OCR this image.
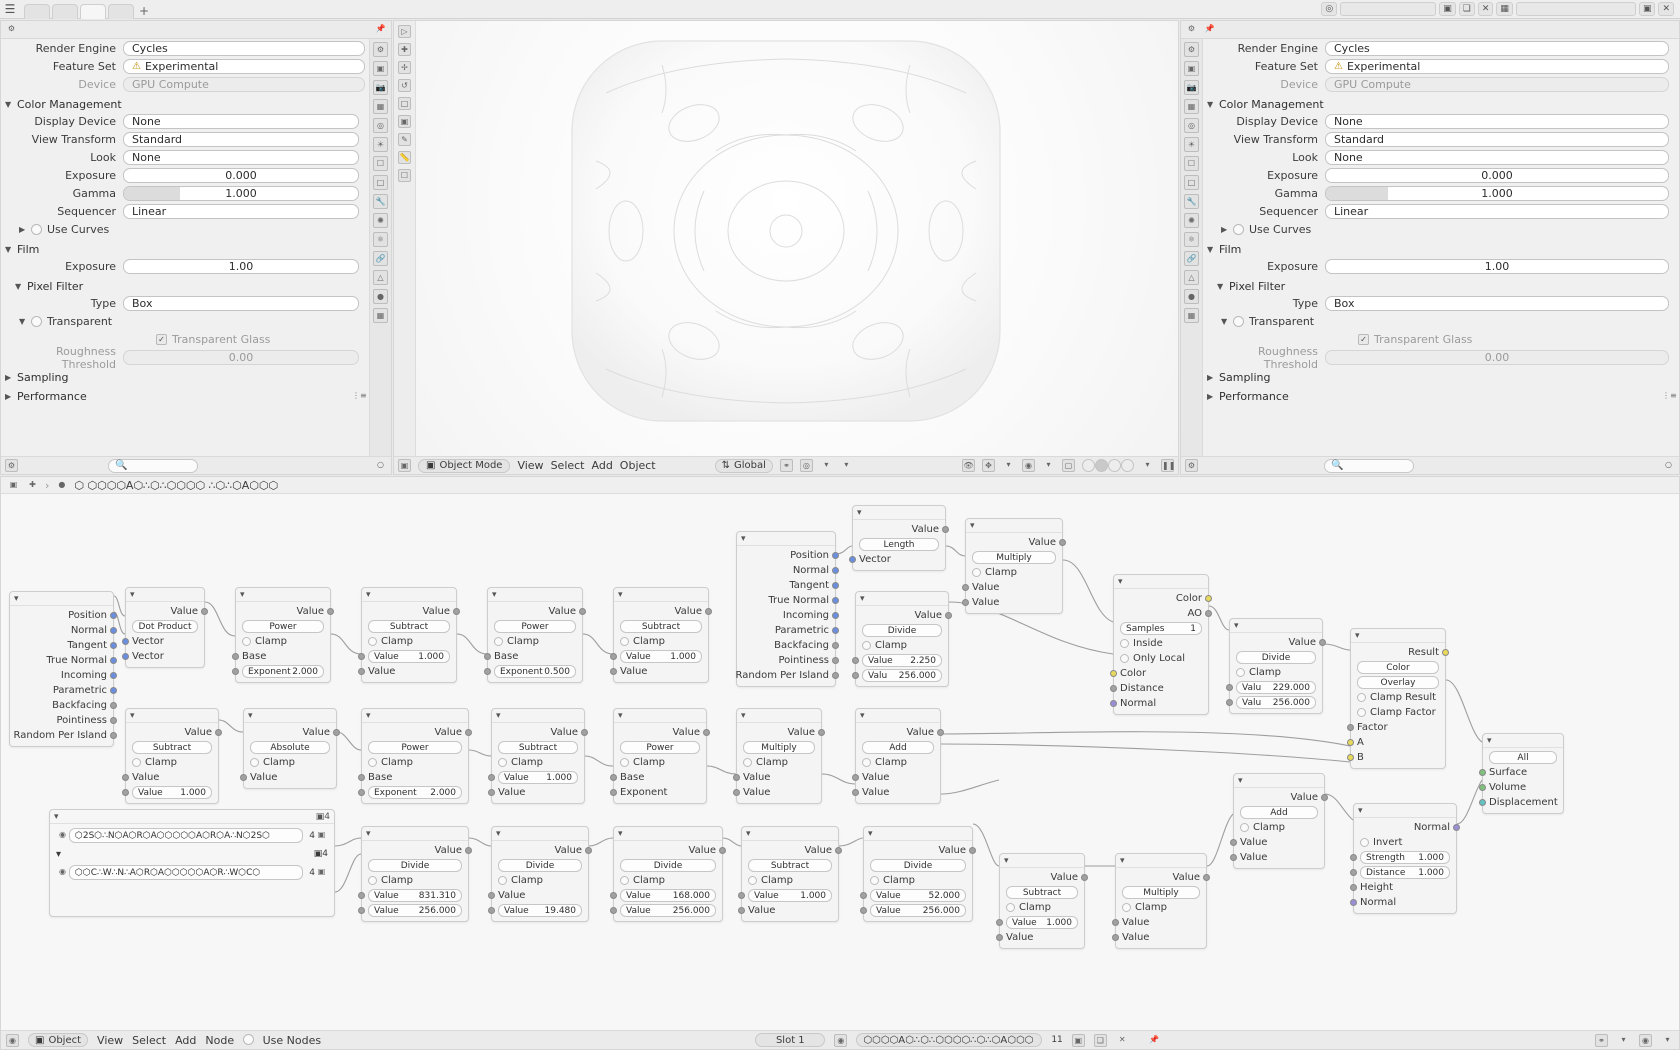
☰	+	◎	▣	❏	✕	▦	▣	✕
⚙	📌
Render Engine	Cycles
Feature Set	⚠ Experimental
Device	GPU Compute
▼ Color Management
Display Device	None
View Transform	Standard
Look	None
Exposure	0.000
Gamma	1.000
Sequencer	Linear
▶	Use Curves
▼ Film
Exposure	1.00
▼ Pixel Filter
Type	Box
▼	Transparent
✓
Transparent Glass
Roughness Threshold	0.00
▶ Sampling
▶ Performance	⋮≡
⚙
▣
📷
▦
◎
☀
☐
□
🔧
✺
⚛
🔗
△
●
▦
⚙	🔍	○
▷
✚
✢
↺
□
▣
✎
📏
☐
▣ ▣ Object Mode View Select Add Object	⇅ Global	⚭	◎	▾	▾	👁	✥	▾	◉	▾	▢	▾	❚❚
⚙	📌
⚙
▣
📷
▦
◎
☀
☐
□
🔧
✺
⚛
🔗
△
●
▦
Render Engine	Cycles
Feature Set	⚠ Experimental
Device	GPU Compute
▼ Color Management
Display Device	None
View Transform	Standard
Look	None
Exposure	0.000
Gamma	1.000
Sequencer	Linear
▶	Use Curves
▼ Film
Exposure	1.00
▼ Pixel Filter
Type	Box
▼	Transparent
✓
Transparent Glass
Roughness Threshold	0.00
▶ Sampling
▶ Performance	⋮≡
⚙	🔍	○
▣	✚ ›	● ⬡ ⬡⬡⬡⬡A⬡∴⬡∴⬡⬡⬡⬡ ∴⬡∴⬡A⬡⬡⬡
▾
Position
Normal
Tangent
True Normal
Incoming
Parametric
Backfacing
Pointiness
Random Per Island
▾
Value
Dot Product
Vector
Vector
▾
Value
Power
Clamp
Base
Exponent 2.000
▾
Value
Subtract
Clamp
Value 1.000
Value
▾
Value
Power
Clamp
Base
Exponent 0.500
▾
Value
Subtract
Clamp
Value 1.000
Value
▾
Position
Normal
Tangent
True Normal
Incoming
Parametric
Backfacing
Pointiness
Random Per Island
▾
Value
Length
Vector
▾
Value
Multiply
Clamp
Value
Value
▾
Value
Divide
Clamp
Value 2.250
Valu 256.000
▾
Color
AO
Samples	1
Inside
Only Local
Color
Distance
Normal
▾
Value
Divide
Clamp
Valu 229.000
Valu 256.000
▾
Result
Color
Overlay
Clamp Result
Clamp Factor
Factor
A
B
▾
All
Surface
Volume
Displacement
▾
Value
Subtract
Clamp
Value
Value 1.000
▾
Value
Absolute
Clamp
Value
▾
Value
Power
Clamp
Base
Exponent 2.000
▾
Value
Subtract
Clamp
Value 1.000
Value
▾
Value
Power
Clamp
Base
Exponent
▾
Value
Multiply
Clamp
Value
Value
▾
Value
Add
Clamp
Value
Value
▾
Value
Add
Clamp
Value
Value
▾
Normal
Invert
Strength 1.000
Distance 1.000
Height
Normal
▾	▣ 4
◉	⬡2S⬡∴N⬡A⬡R⬡A⬡⬡⬡⬡⬡A⬡R⬡A∴N⬡2S⬡	4 ▣
▾	▣ 4
◉	⬡⬡C∴W∴N∴A⬡R⬡A⬡⬡⬡⬡⬡A⬡R∴W⬡C⬡	4 ▣
▾
Value
Divide
Clamp
Value 831.310
Value 256.000
▾
Value
Divide
Clamp
Value
Value 19.480
▾
Value
Divide
Clamp
Value 168.000
Value 256.000
▾
Value
Subtract
Clamp
Value 1.000
Value
▾
Value
Divide
Clamp
Value	52.000
Value 256.000
▾
Value
Subtract
Clamp
Value 1.000
Value
▾
Value
Multiply
Clamp
Value
Value
◉	▣ Object View Select Add Node	Use Nodes	Slot 1	◉	⬡⬡⬡⬡A⬡∴⬡∴⬡⬡⬡⬡∴⬡∴⬡A⬡⬡⬡ 11	▣	❏	✕	📌	⚭	▾	◉	▾
